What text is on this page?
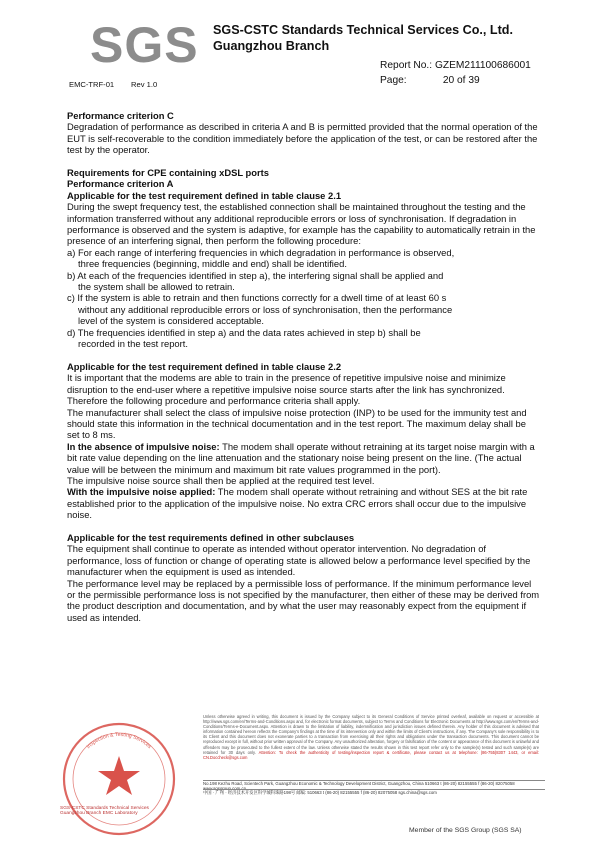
SGS SGS-CSTC Standards Technical Services Co., Ltd.
Guangzhou Branch
Report No.: GZEM211100686001
Page:	20 of 39
EMC-TRF-01 Rev 1.0

Performance criterion C

Degradation of performance as described in criteria A and B is permitted provided that the normal operation of the EUT is self-recoverable to the condition immediately before the application of the test, or can be restored after the test by the operator.

Requirements for CPE containing xDSL ports

Performance criterion A

Applicable for the test requirement defined in table clause 2.1

During the swept frequency test, the established connection shall be maintained throughout the testing and the information transferred without any additional reproducible errors or loss of synchronisation. If degradation in performance is observed and the system is adaptive, for example has the capability to automatically retrain in the presence of an interfering signal, then perform the following procedure:

a) For each range of interfering frequencies in which degradation in performance is observed,

three frequencies (beginning, middle and end) shall be identified.

b) At each of the frequencies identified in step a), the interfering signal shall be applied and

the system shall be allowed to retrain.

c) If the system is able to retrain and then functions correctly for a dwell time of at least 60 s

without any additional reproducible errors or loss of synchronisation, then the performance

level of the system is considered acceptable.

d) The frequencies identified in step a) and the data rates achieved in step b) shall be

recorded in the test report.

Applicable for the test requirement defined in table clause 2.2

It is important that the modems are able to train in the presence of repetitive impulsive noise and minimize disruption to the end-user where a repetitive impulsive noise source starts after the link has synchronized. Therefore the following procedure and performance criteria shall apply.

The manufacturer shall select the class of impulsive noise protection (INP) to be used for the immunity test and should state this information in the technical documentation and in the test report. The maximum delay shall be set to 8 ms.

In the absence of impulsive noise: The modem shall operate without retraining at its target noise margin with a bit rate value depending on the line attenuation and the stationary noise being present on the line. (The actual value will be between the minimum and maximum bit rate values programmed in the port).

The impulsive noise source shall then be applied at the required test level.

With the impulsive noise applied: The modem shall operate without retraining and without SES at the bit rate established prior to the application of the impulsive noise. No extra CRC errors shall occur due to the impulsive noise.

Applicable for the test requirements defined in other subclauses

The equipment shall continue to operate as intended without operator intervention. No degradation of performance, loss of function or change of operating state is allowed below a performance level specified by the manufacturer when the equipment is used as intended.

The performance level may be replaced by a permissible loss of performance. If the minimum performance level or the permissible performance loss is not specified by the manufacturer, then either of these may be derived from the product description and documentation, and by what the user may reasonably expect from the equipment if used as intended.

Inspection & Testing Services
Unless otherwise agreed in writing, this document is issued by the Company subject to its General Conditions of Service printed overleaf, available on request or accessible at http://www.sgs.com/en/Terms-and-Conditions.aspx and, for electronic format documents, subject to Terms and Conditions for Electronic Documents at http://www.sgs.com/en/Terms-and-Conditions/Terms-e-Document.aspx. Attention is drawn to the limitation of liability, indemnification and jurisdiction issues defined therein. Any holder of this document is advised that information contained hereon reflects the Company's findings at the time of its intervention only and within the limits of Client's instructions, if any. The Company's sole responsibility is to its Client and this document does not exonerate parties to a transaction from exercising all their rights and obligations under the transaction documents. This document cannot be reproduced except in full, without prior written approval of the Company. Any unauthorized alteration, forgery or falsification of the content or appearance of this document is unlawful and offenders may be prosecuted to the fullest extent of the law. Unless otherwise stated the results shown in this test report refer only to the sample(s) tested and such sample(s) are retained for 30 days only. Attention: To check the authenticity of testing/inspection report & certificate, please contact us at telephone: (86-755)8307 1443, or email: CN.Doccheck@sgs.com
No.198 Kezhu Road, Scientech Park, Guangzhou Economic & Technology Development District, Guangzhou, China 510663 t (86-20) 82155555 f (86-20) 82075058 www.sgsgroup.com.cn
中国 · 广州 · 经济技术开发区科学城科珠路198号 邮编: 510663 t (86-20) 82155555 f (86-20) 82075058 sgs.china@sgs.com
SGS-CSTC Standards Technical Services
Guangzhou Branch EMC Laboratory
Member of the SGS Group (SGS SA)
